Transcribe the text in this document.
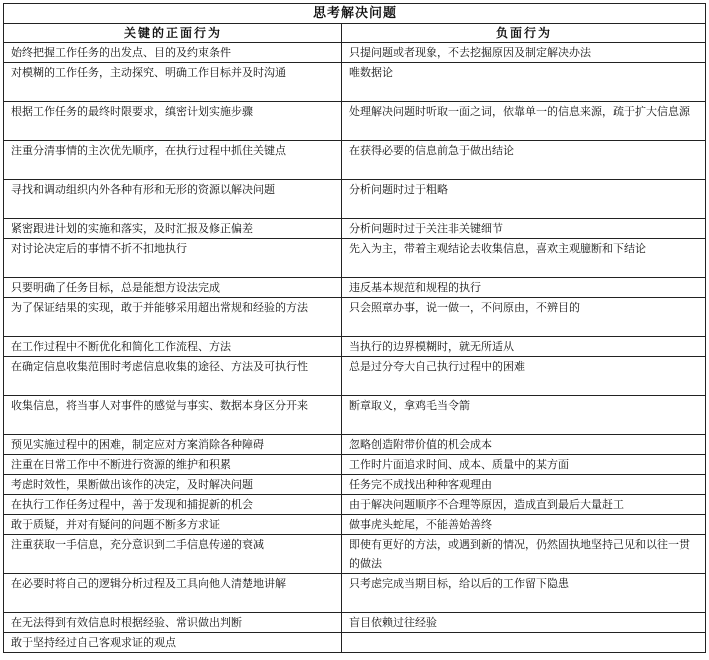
思考解决问题	
关键的正面行为	负面行为
始终把握工作任务的出发点、目的及约束条件	只提问题或者现象，不去挖掘原因及制定解决办法
对模糊的工作任务，主动探究、明确工作目标并及时沟通	唯数据论
根据工作任务的最终时限要求，缜密计划实施步骤	处理解决问题时听取一面之词，依靠单一的信息来源，疏于扩大信息源
注重分清事情的主次优先顺序，在执行过程中抓住关键点	在获得必要的信息前急于做出结论
寻找和调动组织内外各种有形和无形的资源以解决问题	分析问题时过于粗略
紧密跟进计划的实施和落实，及时汇报及修正偏差	分析问题时过于关注非关键细节
对讨论决定后的事情不折不扣地执行	先入为主，带着主观结论去收集信息，喜欢主观臆断和下结论
只要明确了任务目标，总是能想方设法完成	违反基本规范和规程的执行
为了保证结果的实现，敢于并能够采用超出常规和经验的方法	只会照章办事，说一做一，不问原由，不辨目的
在工作过程中不断优化和简化工作流程、方法	当执行的边界模糊时，就无所适从
在确定信息收集范围时考虑信息收集的途径、方法及可执行性	总是过分夸大自己执行过程中的困难
收集信息，将当事人对事件的感觉与事实、数据本身区分开来	断章取义，拿鸡毛当令箭
预见实施过程中的困难，制定应对方案消除各种障碍	忽略创造附带价值的机会成本
注重在日常工作中不断进行资源的维护和积累	工作时片面追求时间、成本、质量中的某方面
考虑时效性，果断做出该作的决定，及时解决问题	任务完不成找出种种客观理由
在执行工作任务过程中，善于发现和捕捉新的机会	由于解决问题顺序不合理等原因，造成直到最后大量赶工
敢于质疑，并对有疑问的问题不断多方求证	做事虎头蛇尾，不能善始善终
注重获取一手信息，充分意识到二手信息传递的衰减	即使有更好的方法，或遇到新的情况，仍然固执地坚持己见和以往一贯的做法
在必要时将自己的逻辑分析过程及工具向他人清楚地讲解	只考虑完成当期目标，给以后的工作留下隐患
在无法得到有效信息时根据经验、常识做出判断	盲目依赖过往经验
敢于坚持经过自己客观求证的观点	
